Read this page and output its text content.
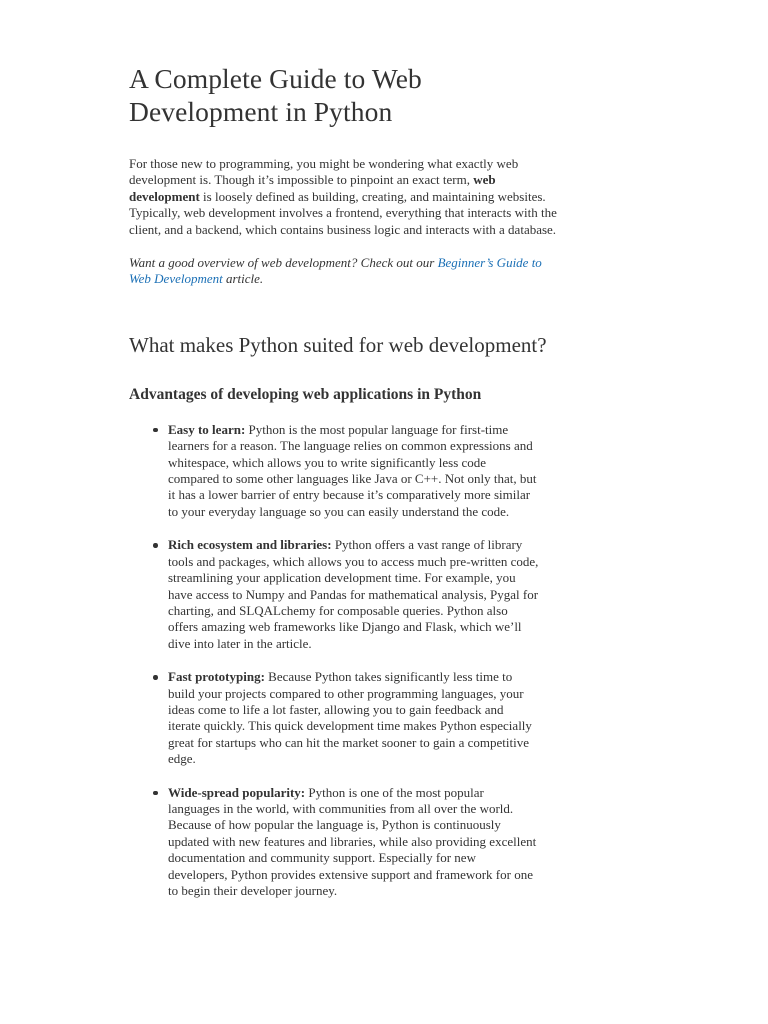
A Complete Guide to Web
Development in Python

For those new to programming, you might be wondering what exactly web
development is. Though it’s impossible to pinpoint an exact term, web
development is loosely defined as building, creating, and maintaining websites.
Typically, web development involves a frontend, everything that interacts with the
client, and a backend, which contains business logic and interacts with a database.

Want a good overview of web development? Check out our Beginner’s Guide to
Web Development article.

What makes Python suited for web development?
Advantages of developing web applications in Python
Easy to learn: Python is the most popular language for first-time
learners for a reason. The language relies on common expressions and
whitespace, which allows you to write significantly less code
compared to some other languages like Java or C++. Not only that, but
it has a lower barrier of entry because it’s comparatively more similar
to your everyday language so you can easily understand the code.
Rich ecosystem and libraries: Python offers a vast range of library
tools and packages, which allows you to access much pre-written code,
streamlining your application development time. For example, you
have access to Numpy and Pandas for mathematical analysis, Pygal for
charting, and SLQALchemy for composable queries. Python also
offers amazing web frameworks like Django and Flask, which we’ll
dive into later in the article.
Fast prototyping: Because Python takes significantly less time to
build your projects compared to other programming languages, your
ideas come to life a lot faster, allowing you to gain feedback and
iterate quickly. This quick development time makes Python especially
great for startups who can hit the market sooner to gain a competitive
edge.
Wide-spread popularity: Python is one of the most popular
languages in the world, with communities from all over the world.
Because of how popular the language is, Python is continuously
updated with new features and libraries, while also providing excellent
documentation and community support. Especially for new
developers, Python provides extensive support and framework for one
to begin their developer journey.
